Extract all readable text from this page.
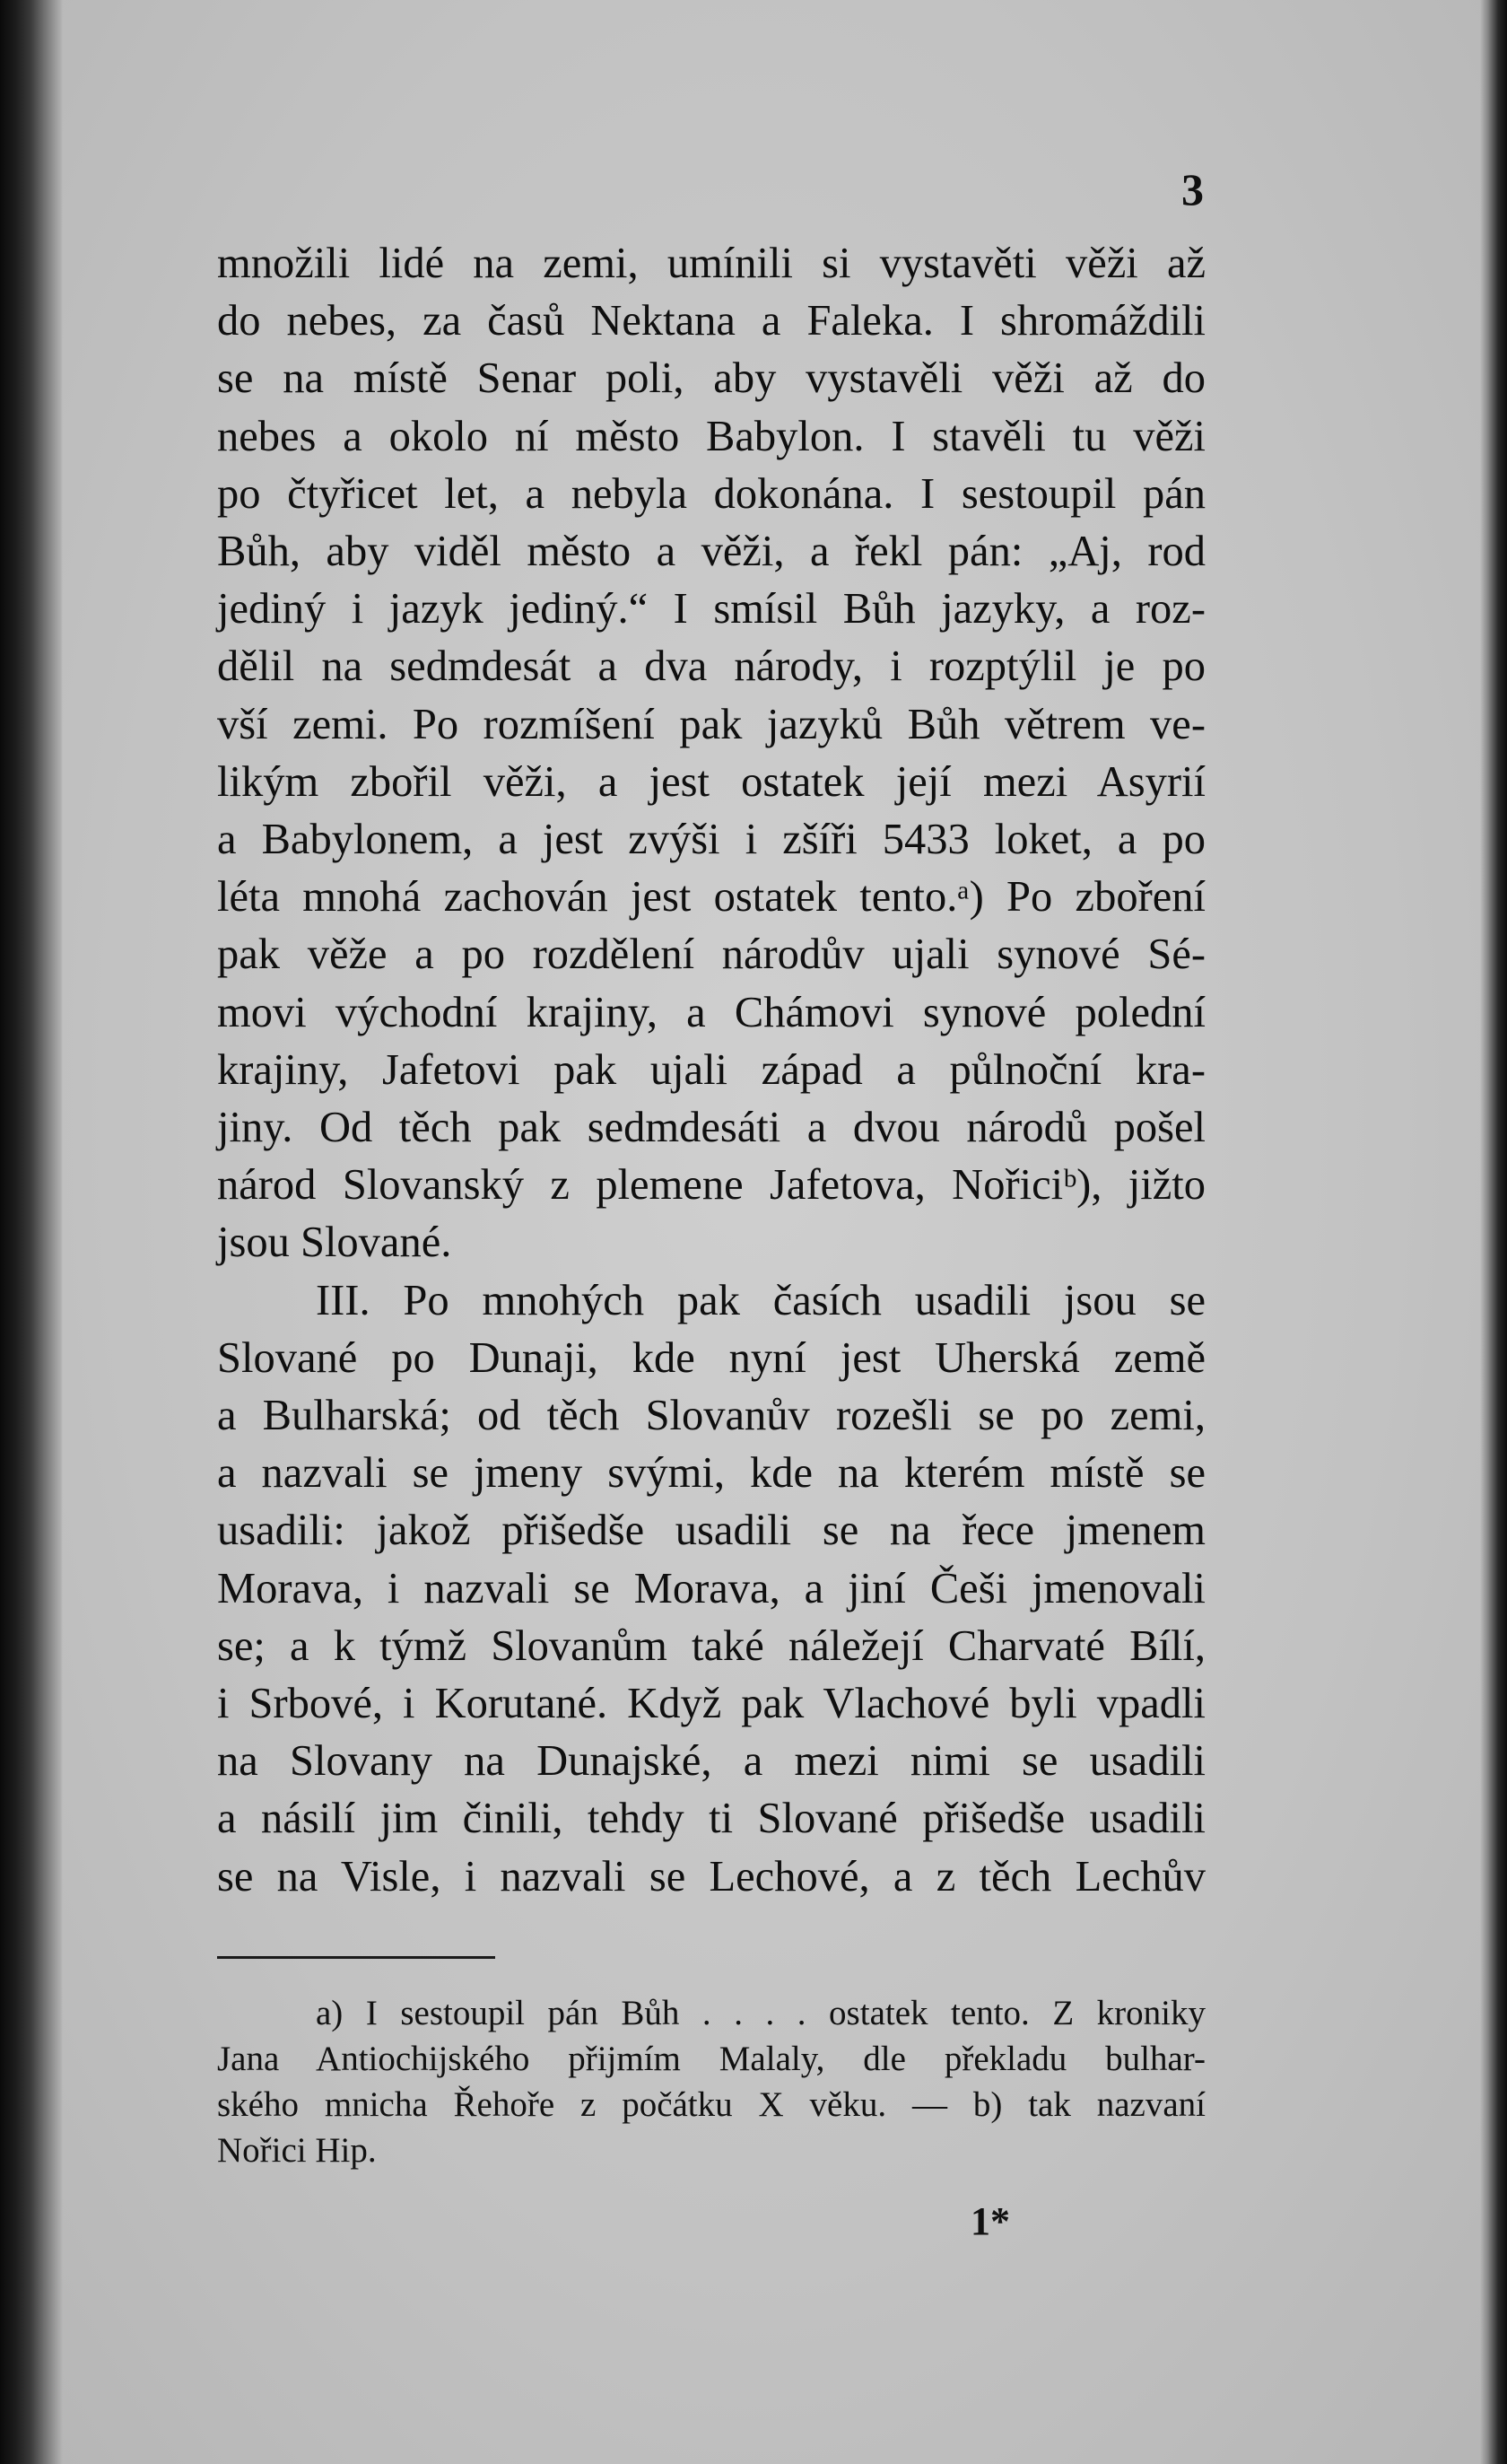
3
množili lidé na zemi, umínili si vystavěti věži až
do nebes, za časů Nektana a Faleka. I shromáždili
se na místě Senar poli, aby vystavěli věži až do
nebes a okolo ní město Babylon. I stavěli tu věži
po čtyřicet let, a nebyla dokonána. I sestoupil pán
Bůh, aby viděl město a věži, a řekl pán: „Aj, rod
jediný i jazyk jediný.“ I smísil Bůh jazyky, a roz-
dělil na sedmdesát a dva národy, i rozptýlil je po
vší zemi. Po rozmíšení pak jazyků Bůh větrem ve-
likým zbořil věži, a jest ostatek její mezi Asyrií
a Babylonem, a jest zvýši i zšíři 5433 loket, a po
léta mnohá zachován jest ostatek tento.ᵃ) Po zboření
pak věže a po rozdělení národův ujali synové Sé-
movi východní krajiny, a Chámovi synové polední
krajiny, Jafetovi pak ujali západ a půlnoční kra-
jiny. Od těch pak sedmdesáti a dvou národů pošel
národ Slovanský z plemene Jafetova, Nořiciᵇ), jižto
jsou Slované.
III. Po mnohých pak časích usadili jsou se
Slované po Dunaji, kde nyní jest Uherská země
a Bulharská; od těch Slovanův rozešli se po zemi,
a nazvali se jmeny svými, kde na kterém místě se
usadili: jakož přišedše usadili se na řece jmenem
Morava, i nazvali se Morava, a jiní Češi jmenovali
se; a k týmž Slovanům také náležejí Charvaté Bílí,
i Srbové, i Korutané. Když pak Vlachové byli vpadli
na Slovany na Dunajské, a mezi nimi se usadili
a násilí jim činili, tehdy ti Slované přišedše usadili
se na Visle, i nazvali se Lechové, a z těch Lechův
a) I sestoupil pán Bůh . . . . ostatek tento. Z kroniky
Jana Antiochijského přijmím Malaly, dle překladu bulhar-
ského mnicha Řehoře z počátku X věku. — b) tak nazvaní
Nořici Hip.
1*
